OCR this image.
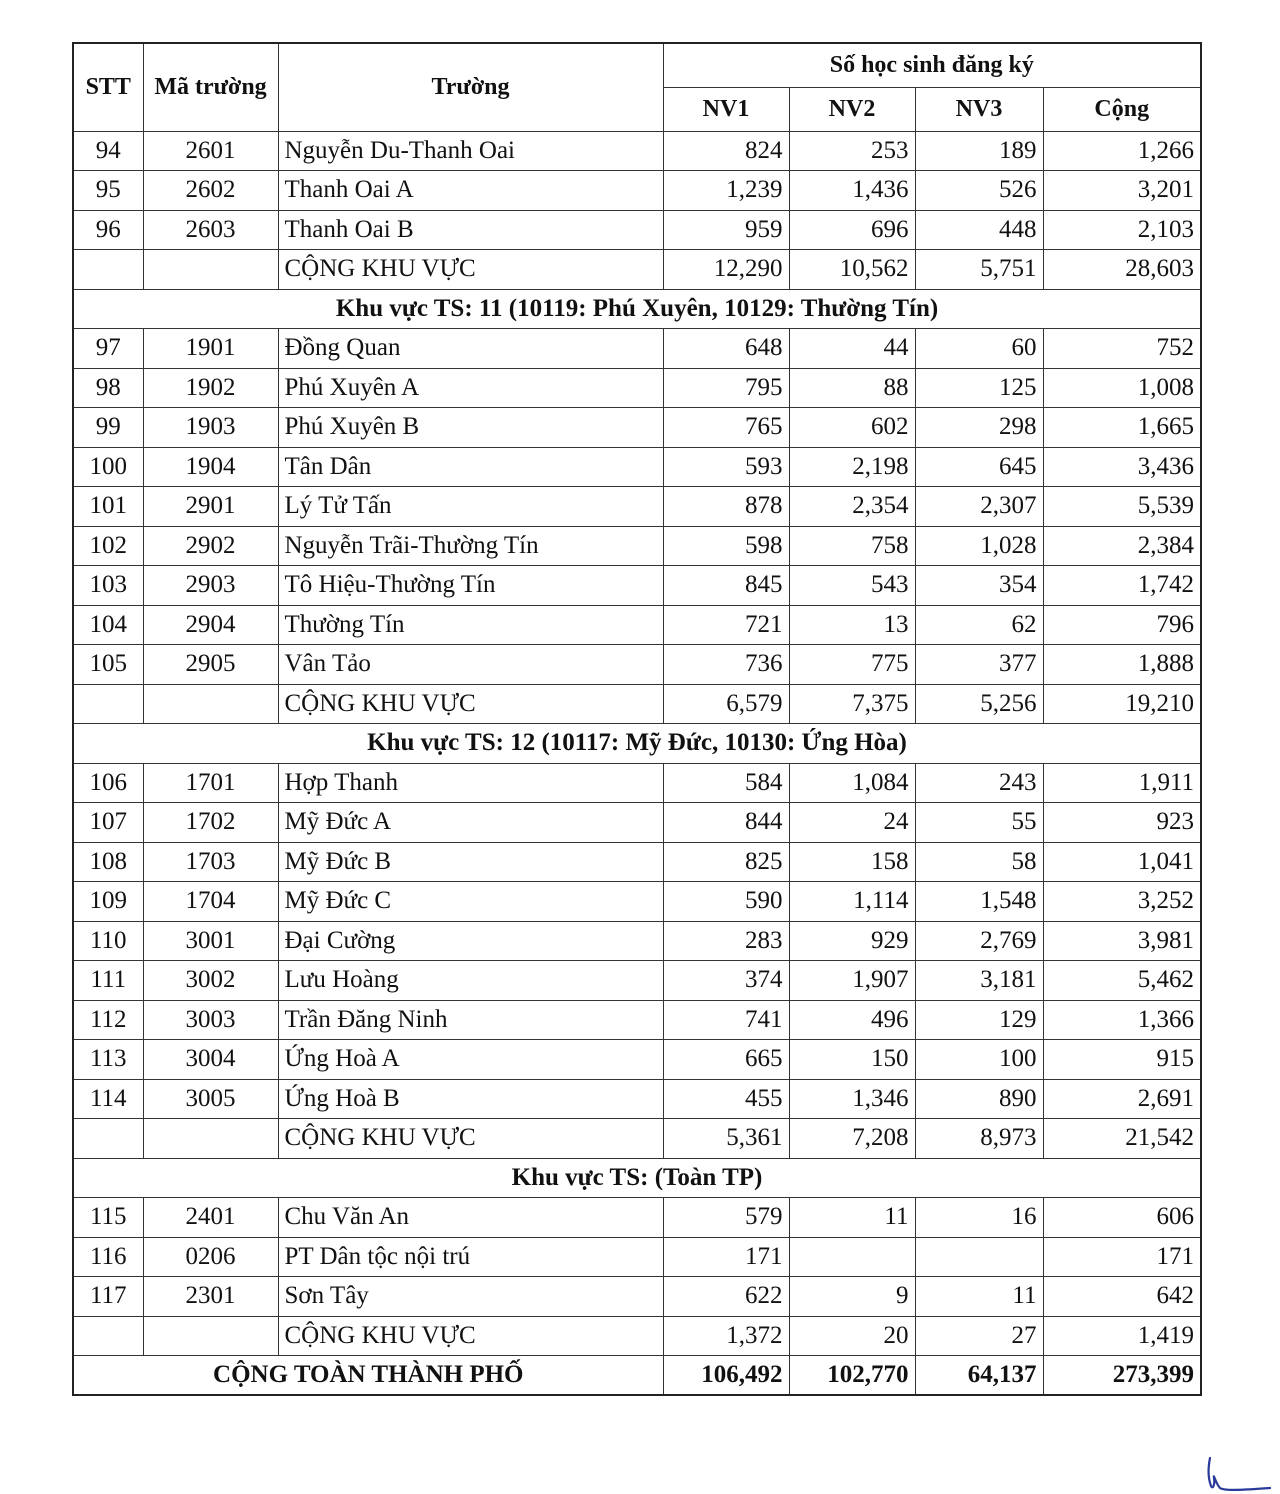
STT	Mã trường	Trường	Số học sinh đăng ký			
			NV1	NV2	NV3	Cộng
94	2601	Nguyễn Du-Thanh Oai	824	253	189	1,266
95	2602	Thanh Oai A	1,239	1,436	526	3,201
96	2603	Thanh Oai B	959	696	448	2,103
		CỘNG KHU VỰC	12,290	10,562	5,751	28,603
Khu vực TS: 11 (10119: Phú Xuyên, 10129: Thường Tín)						
97	1901	Đồng Quan	648	44	60	752
98	1902	Phú Xuyên A	795	88	125	1,008
99	1903	Phú Xuyên B	765	602	298	1,665
100	1904	Tân Dân	593	2,198	645	3,436
101	2901	Lý Tử Tấn	878	2,354	2,307	5,539
102	2902	Nguyễn Trãi-Thường Tín	598	758	1,028	2,384
103	2903	Tô Hiệu-Thường Tín	845	543	354	1,742
104	2904	Thường Tín	721	13	62	796
105	2905	Vân Tảo	736	775	377	1,888
		CỘNG KHU VỰC	6,579	7,375	5,256	19,210
Khu vực TS: 12 (10117: Mỹ Đức, 10130: Ứng Hòa)						
106	1701	Hợp Thanh	584	1,084	243	1,911
107	1702	Mỹ Đức A	844	24	55	923
108	1703	Mỹ Đức B	825	158	58	1,041
109	1704	Mỹ Đức C	590	1,114	1,548	3,252
110	3001	Đại Cường	283	929	2,769	3,981
111	3002	Lưu Hoàng	374	1,907	3,181	5,462
112	3003	Trần Đăng Ninh	741	496	129	1,366
113	3004	Ứng Hoà A	665	150	100	915
114	3005	Ứng Hoà B	455	1,346	890	2,691
		CỘNG KHU VỰC	5,361	7,208	8,973	21,542
Khu vực TS: (Toàn TP)						
115	2401	Chu Văn An	579	11	16	606
116	0206	PT Dân tộc nội trú	171			171
117	2301	Sơn Tây	622	9	11	642
		CỘNG KHU VỰC	1,372	20	27	1,419
CỘNG TOÀN THÀNH PHỐ			106,492	102,770	64,137	273,399
